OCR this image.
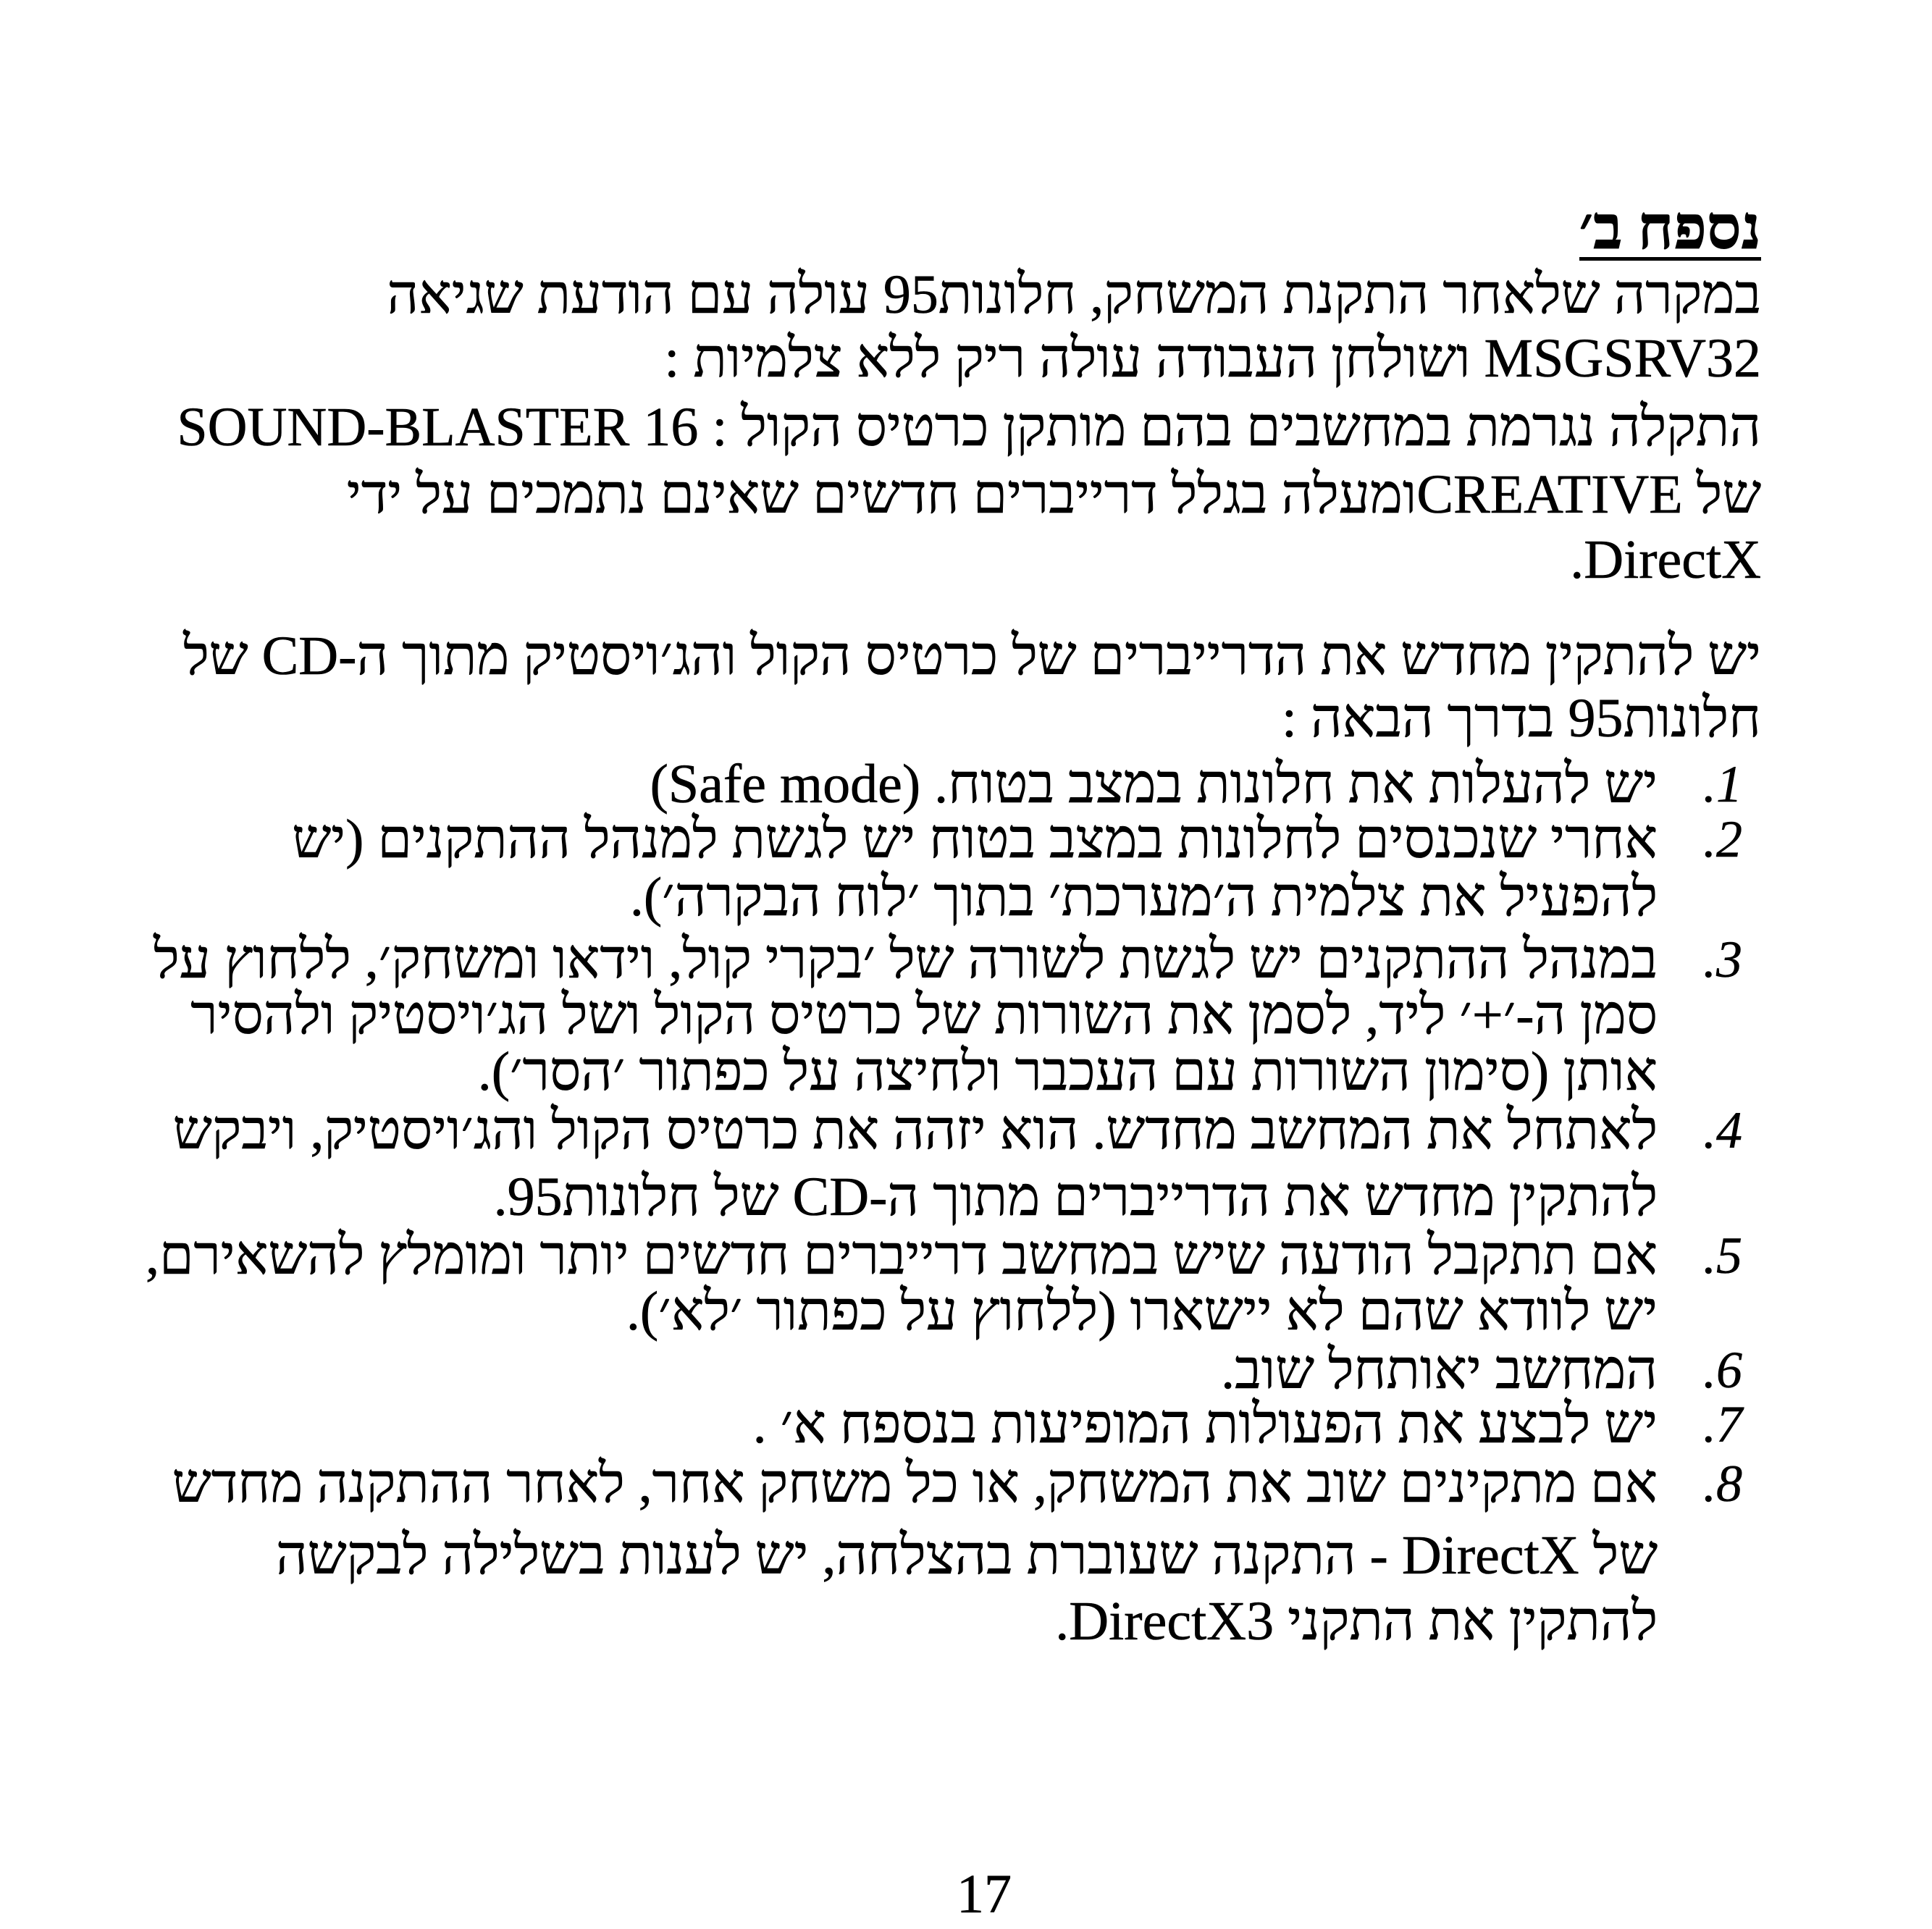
נספח ב׳
במקרה שלאחר התקנת המשחק, חלונות95 עולה עם הודעת שגיאה
MSGSRV32 ושולחן העבודה עולה ריק ללא צלמיות :
התקלה נגרמת במחשבים בהם מותקן כרטיס הקול : SOUND-BLASTER 16
של CREATIVEומעלה בגלל דרייברים חדשים שאינם נתמכים על ידי
DirectX.
יש להתקין מחדש את הדרייברים של כרטיס הקול והג׳ויסטיק מתוך ה-CD של
חלונות95 בדרך הבאה :
1.
יש להעלות את חלונות במצב בטוח. (Safe mode)
2.
אחרי שנכנסים לחלונות במצב בטוח יש לגשת למנהל ההתקנים (יש
להפעיל את צלמית ה׳מערכת׳ בתוך ׳לוח הבקרה׳).
3.
במנהל ההתקנים יש לגשת לשורה של ׳בקרי קול, וידאו ומשחק׳, ללחוץ על
סמן ה-׳+׳ ליד, לסמן את השורות של כרטיס הקול ושל הג׳ויסטיק ולהסיר
אותן (סימון השורות עם העכבר ולחיצה על כפתור ׳הסר׳).
4.
לאתחל את המחשב מחדש. הוא יזהה את כרטיס הקול והג׳ויסטיק, ויבקש
להתקין מחדש את הדרייברים מתוך ה-CD של חלונות95.
5.
אם תתקבל הודעה שיש במחשב דרייברים חדשים יותר ומומלץ להשאירם,
יש לוודא שהם לא יישארו (ללחוץ על כפתור ׳לא׳).
6.
המחשב יאותחל שוב.
7.
יש לבצע את הפעולות המופיעות בנספח א׳ .
8.
אם מתקינים שוב את המשחק, או כל משחק אחר, לאחר ההתקנה מחדש
של DirectX - התקנה שעוברת בהצלחה, יש לענות בשלילה לבקשה
להתקין את התקני DirectX3.
17
